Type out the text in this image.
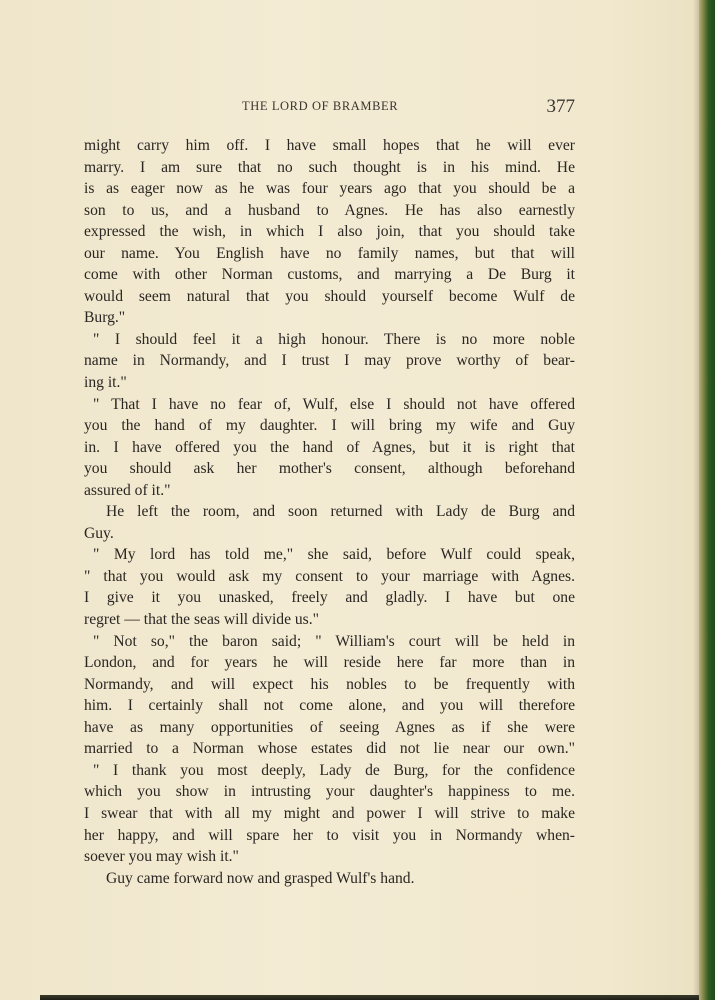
THE LORD OF BRAMBER	377
might carry him off. I have small hopes that he will ever
marry. I am sure that no such thought is in his mind. He
is as eager now as he was four years ago that you should be a
son to us, and a husband to Agnes. He has also earnestly
expressed the wish, in which I also join, that you should take
our name. You English have no family names, but that will
come with other Norman customs, and marrying a De Burg it
would seem natural that you should yourself become Wulf de
Burg."
" I should feel it a high honour. There is no more noble
name in Normandy, and I trust I may prove worthy of bear-
ing it."
" That I have no fear of, Wulf, else I should not have offered
you the hand of my daughter. I will bring my wife and Guy
in. I have offered you the hand of Agnes, but it is right that
you should ask her mother's consent, although beforehand
assured of it."
He left the room, and soon returned with Lady de Burg and
Guy.
" My lord has told me," she said, before Wulf could speak,
" that you would ask my consent to your marriage with Agnes.
I give it you unasked, freely and gladly. I have but one
regret — that the seas will divide us."
" Not so," the baron said; " William's court will be held in
London, and for years he will reside here far more than in
Normandy, and will expect his nobles to be frequently with
him. I certainly shall not come alone, and you will therefore
have as many opportunities of seeing Agnes as if she were
married to a Norman whose estates did not lie near our own."
" I thank you most deeply, Lady de Burg, for the confidence
which you show in intrusting your daughter's happiness to me.
I swear that with all my might and power I will strive to make
her happy, and will spare her to visit you in Normandy when-
soever you may wish it."
Guy came forward now and grasped Wulf's hand.
